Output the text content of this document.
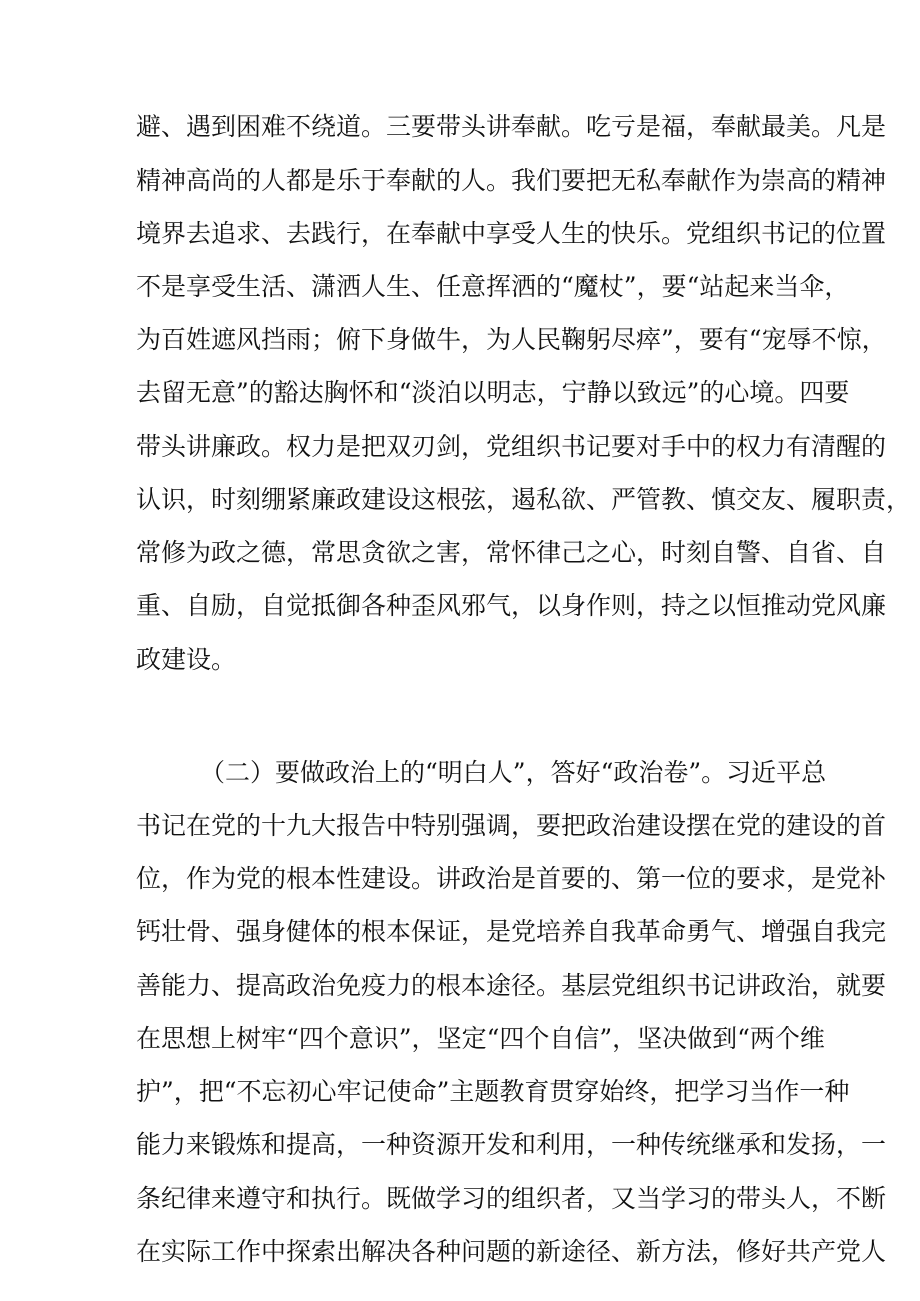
避、遇到困难不绕道。三要带头讲奉献。吃亏是福，奉献最美。凡是
精神高尚的人都是乐于奉献的人。我们要把无私奉献作为崇高的精神
境界去追求、去践行，在奉献中享受人生的快乐。党组织书记的位置
不是享受生活、潇洒人生、任意挥洒的“魔杖”，要“站起来当伞，
为百姓遮风挡雨；俯下身做牛，为人民鞠躬尽瘁”，要有“宠辱不惊，
去留无意”的豁达胸怀和“淡泊以明志，宁静以致远”的心境。四要
带头讲廉政。权力是把双刃剑，党组织书记要对手中的权力有清醒的
认识，时刻绷紧廉政建设这根弦，遏私欲、严管教、慎交友、履职责，
常修为政之德，常思贪欲之害，常怀律己之心，时刻自警、自省、自
重、自励，自觉抵御各种歪风邪气，以身作则，持之以恒推动党风廉
政建设。
（二）要做政治上的“明白人”，答好“政治卷”。习近平总
书记在党的十九大报告中特别强调，要把政治建设摆在党的建设的首
位，作为党的根本性建设。讲政治是首要的、第一位的要求，是党补
钙壮骨、强身健体的根本保证，是党培养自我革命勇气、增强自我完
善能力、提高政治免疫力的根本途径。基层党组织书记讲政治，就要
在思想上树牢“四个意识”，坚定“四个自信”，坚决做到“两个维
护”，把“不忘初心牢记使命”主题教育贯穿始终，把学习当作一种
能力来锻炼和提高，一种资源开发和利用，一种传统继承和发扬，一
条纪律来遵守和执行。既做学习的组织者，又当学习的带头人，不断
在实际工作中探索出解决各种问题的新途径、新方法，修好共产党人
